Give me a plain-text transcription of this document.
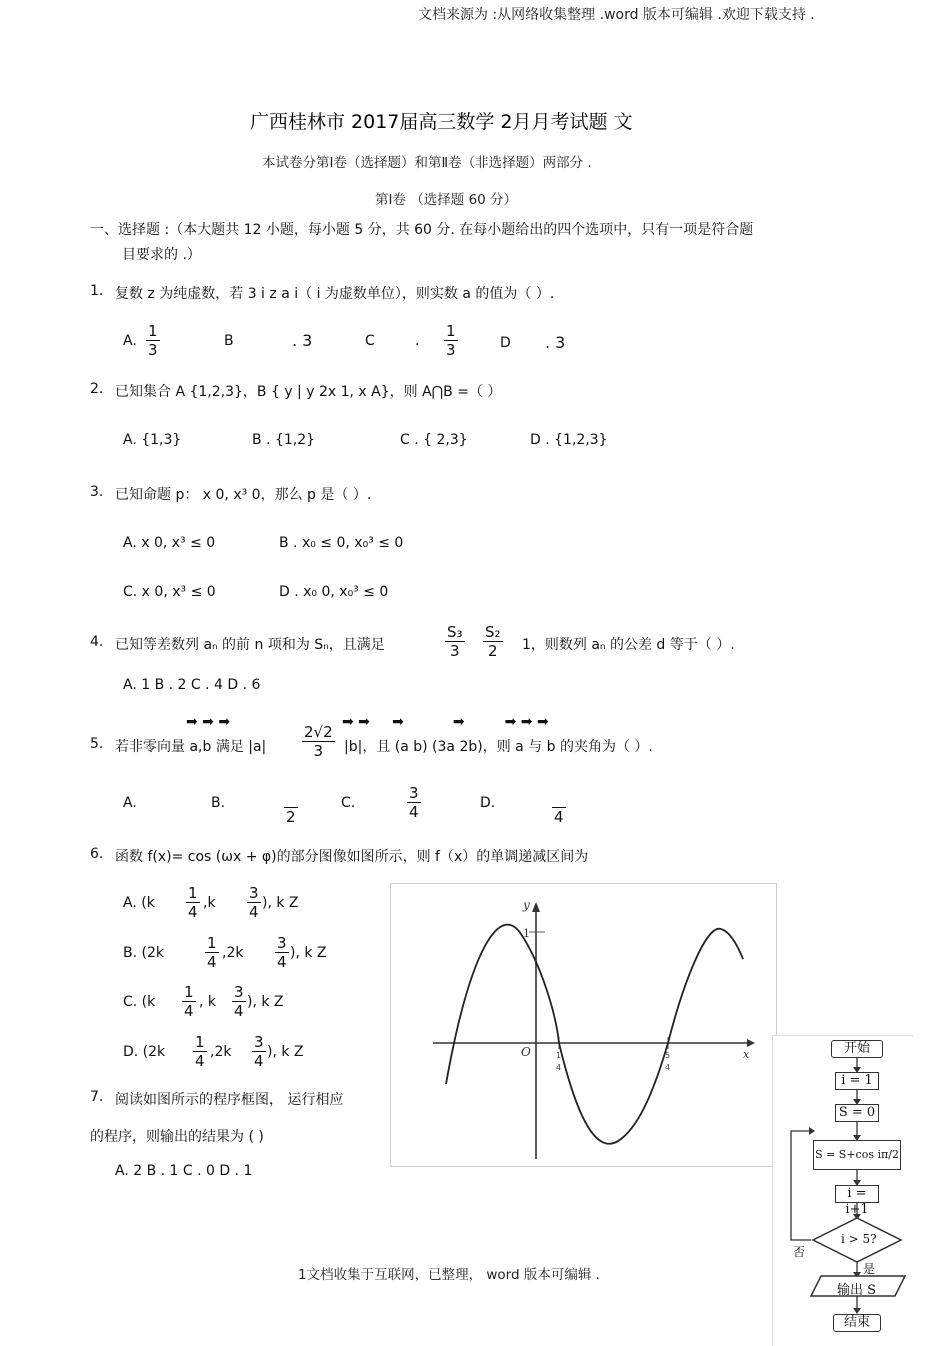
文档来源为 :从网络收集整理 .word 版本可编辑 .欢迎下载支持 .
广西桂林市 2017届高三数学 2月月考试题 文
本试卷分第Ⅰ卷（选择题）和第Ⅱ卷（非选择题）两部分 .
第Ⅰ卷 （选择题 60 分）
一、选择题 :（本大题共 12 小题，每小题 5 分，共 60 分. 在每小题给出的四个选项中，只有一项是符合题
目要求的 .）
1. 复数 z 为纯虚数，若 3 i z a i（ i 为虚数单位），则实数 a 的值为（ ）.
A. $\frac{1}{3}$	B	. 3	C	. $\frac{1}{3}$	D . 3
2. 已知集合 A {1,2,3}，B { y | y 2x 1, x A}，则 A⋂B =（ ）
A. {1,3}	B . {1,2}	C . { 2,3}	D . {1,2,3}
3. 已知命题 p： x 0, x³ 0，那么 p 是（ ）.
A. x 0, x³ ≤ 0	B . x₀ ≤ 0, x₀³ ≤ 0
C. x 0, x³ ≤ 0	D . x₀ 0, x₀³ ≤ 0
4. 已知等差数列 aₙ 的前 n 项和为 Sₙ，且满足	$\frac{\text{S₃}}{3} \frac{\text{S₂}}{2} 1$，则数列 aₙ 的公差 d 等于（ ）.
A. 1 B . 2 C . 4 D . 6
5.
➡ ➡ ➡	➡ ➡     ➡           ➡         ➡ ➡ ➡
若非零向量 a,b 满足 $|a| \frac{2√2}{3} |b|$，且 (a b) (3a 2b)，则 a 与 b 的夹角为（ ）.
A.	B.
2
C.	$\frac{3}{4}$	D.
4
6. 函数 f(x)= cos (ωx + φ)的部分图像如图所示，则 f（x）的单调递减区间为
A. ($k \frac{1}{4} ,k \frac{3}{4}$ ), k Z
B. (2k	$\frac{1}{4} ,2k \frac{3}{4}$ ), k Z
C. ($k \frac{1}{4}$ , k $\frac{3}{4}$ ), k Z
D. ($2k \frac{1}{4} ,2k \frac{3}{4}$ ), k Z
7. 阅读如图所示的程序框图， 运行相应
的程序，则输出的结果为 ( )
A. 2 B . 1 C . 0 D . 1
y
1
O	x
1
4
5
4
开始
i = 1
S = 0
S = S+cos iπ/2
i = i+1
i > 5?
否
是
输出 S
结束
1文档收集于互联网，已整理， word 版本可编辑 .
